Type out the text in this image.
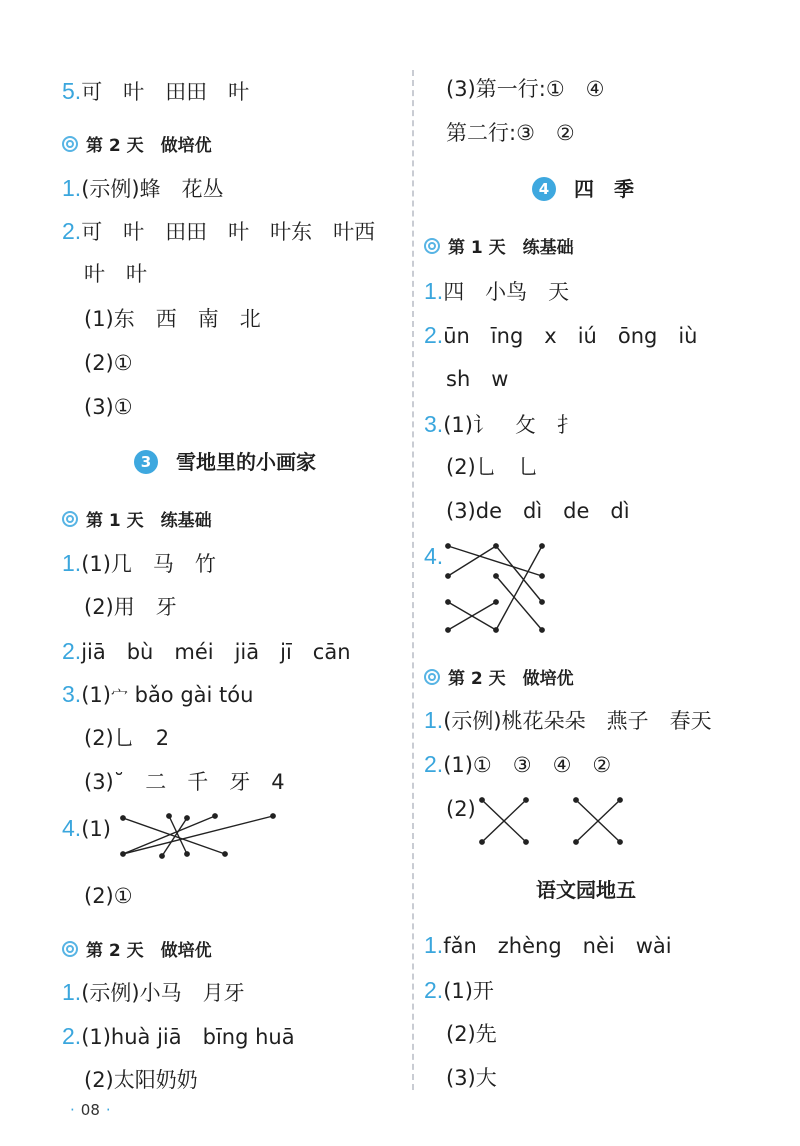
5.可　叶　田田　叶
第 2 天　做培优
1.(示例)蜂　花丛
2.可　叶　田田　叶　叶东　叶西
叶　叶
(1)东　西　南　北
(2)①
(3)①
3 雪地里的小画家
第 1 天　练基础
1.(1)几　马　竹
(2)用　牙
2.jiā　bù　méi　jiā　jī　cān
3.(1)宀 bǎo gài tóu
(2)乚　2
(3)˘　二　千　牙　4
4.(1)
(2)①
第 2 天　做培优
1.(示例)小马　月牙
2.(1)huà jiā　bīng huā
(2)太阳奶奶
(3)第一行:①　④
第二行:③　②
4 四　季
第 1 天　练基础
1.四　小鸟　天
2.ūn　īng　x　iú　ōng　iù
sh　w
3.(1)讠　攵　扌
(2)乚　乚
(3)de　dì　de　dì
4.
第 2 天　做培优
1.(示例)桃花朵朵　燕子　春天
2.(1)①　③　④　②
(2)
语文园地五
1.fǎn　zhèng　nèi　wài
2.(1)开
(2)先
(3)大
· 08 ·
